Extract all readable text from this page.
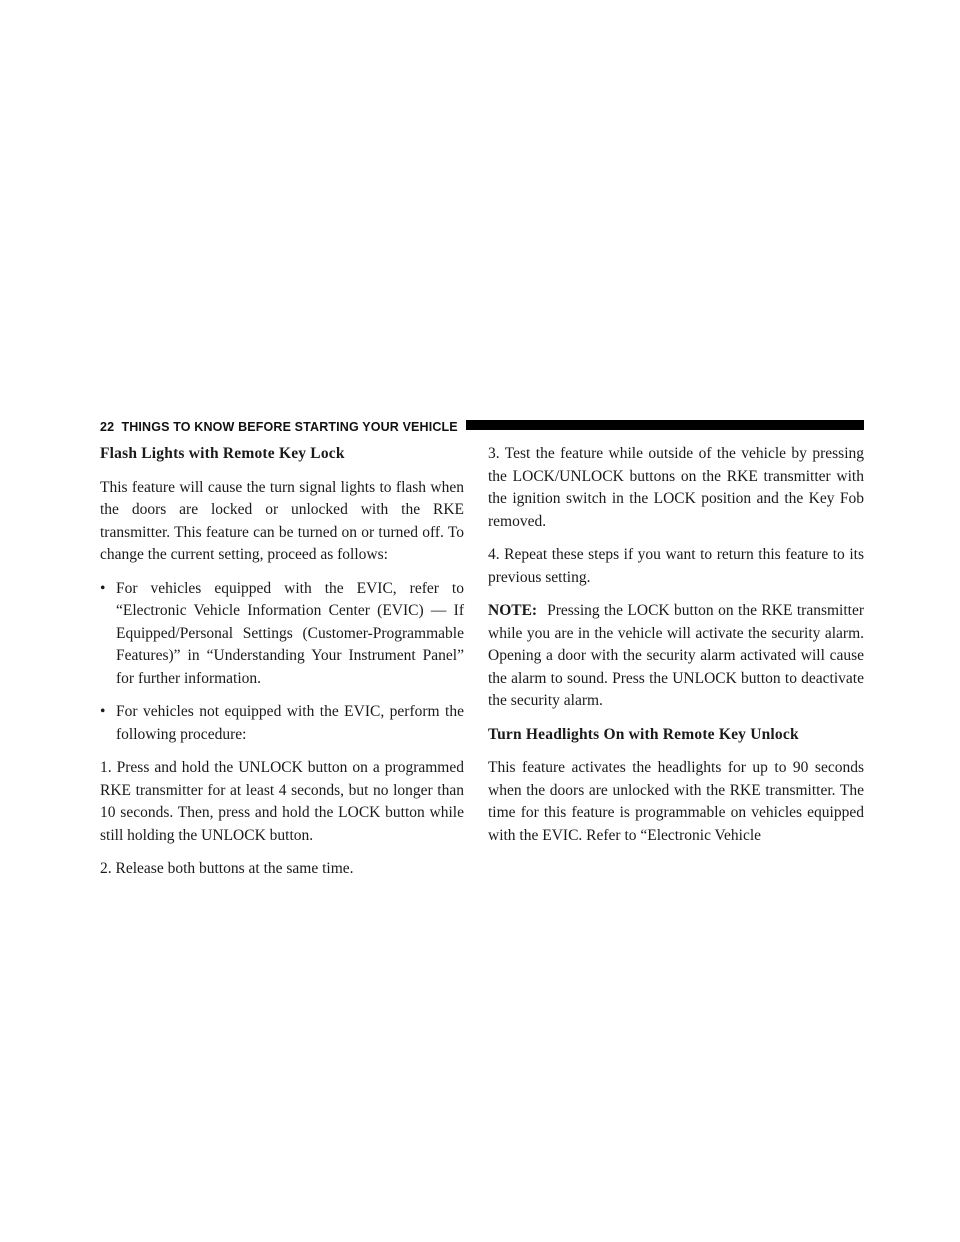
22 THINGS TO KNOW BEFORE STARTING YOUR VEHICLE

Flash Lights with Remote Key Lock

This feature will cause the turn signal lights to flash when the doors are locked or unlocked with the RKE transmitter. This feature can be turned on or turned off. To change the current setting, proceed as follows:

• For vehicles equipped with the EVIC, refer to “Electronic Vehicle Information Center (EVIC) — If Equipped/Personal Settings (Customer-Programmable Features)” in “Understanding Your Instrument Panel” for further information.
• For vehicles not equipped with the EVIC, perform the following procedure:

1. Press and hold the UNLOCK button on a programmed RKE transmitter for at least 4 seconds, but no longer than 10 seconds. Then, press and hold the LOCK button while still holding the UNLOCK button.

2. Release both buttons at the same time.

3. Test the feature while outside of the vehicle by pressing the LOCK/UNLOCK buttons on the RKE transmitter with the ignition switch in the LOCK position and the Key Fob removed.

4. Repeat these steps if you want to return this feature to its previous setting.

NOTE: Pressing the LOCK button on the RKE transmitter while you are in the vehicle will activate the security alarm. Opening a door with the security alarm activated will cause the alarm to sound. Press the UNLOCK button to deactivate the security alarm.

Turn Headlights On with Remote Key Unlock

This feature activates the headlights for up to 90 seconds when the doors are unlocked with the RKE transmitter. The time for this feature is programmable on vehicles equipped with the EVIC. Refer to “Electronic Vehicle
